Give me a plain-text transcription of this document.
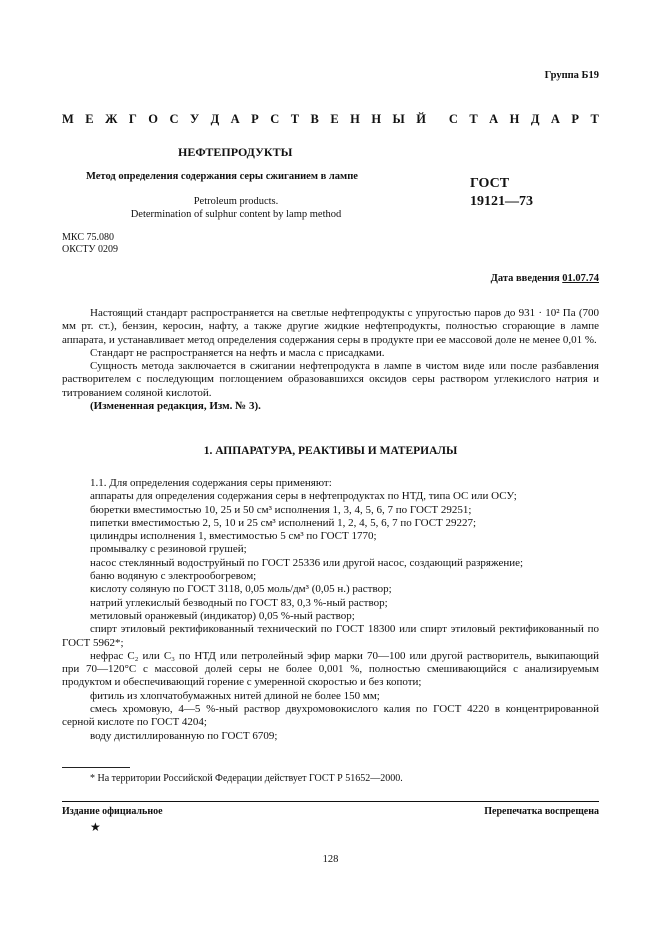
Группа Б19
М Е Ж Г О С У Д А Р С Т В Е Н Н Ы Й С Т А Н Д А Р Т
НЕФТЕПРОДУКТЫ
Метод определения содержания серы сжиганием в лампе	ГОСТ
19121—73
Petroleum products.
Determination of sulphur content by lamp method
МКС 75.080
ОКСТУ 0209
Дата введения 01.07.74

Настоящий стандарт распространяется на светлые нефтепродукты с упругостью паров до 931 · 10² Па (700 мм рт. ст.), бензин, керосин, нафту, а также другие жидкие нефтепродукты, полностью сгорающие в лампе аппарата, и устанавливает метод определения содержания серы в продукте при ее массовой доле не менее 0,01 %.

Стандарт не распространяется на нефть и масла с присадками.

Сущность метода заключается в сжигании нефтепродукта в лампе в чистом виде или после разбавления растворителем с последующим поглощением образовавшихся оксидов серы раствором углекислого натрия и титрованием соляной кислотой.

(Измененная редакция, Изм. № 3).

1. АППАРАТУРА, РЕАКТИВЫ И МАТЕРИАЛЫ

1.1. Для определения содержания серы применяют:

аппараты для определения содержания серы в нефтепродуктах по НТД, типа ОС или ОСУ;

бюретки вместимостью 10, 25 и 50 см³ исполнения 1, 3, 4, 5, 6, 7 по ГОСТ 29251;

пипетки вместимостью 2, 5, 10 и 25 см³ исполнений 1, 2, 4, 5, 6, 7 по ГОСТ 29227;

цилиндры исполнения 1, вместимостью 5 см³ по ГОСТ 1770;

промывалку с резиновой грушей;

насос стеклянный водоструйный по ГОСТ 25336 или другой насос, создающий разряжение;

баню водяную с электрообогревом;

кислоту соляную по ГОСТ 3118, 0,05 моль/дм³ (0,05 н.) раствор;

натрий углекислый безводный по ГОСТ 83, 0,3 %-ный раствор;

метиловый оранжевый (индикатор) 0,05 %-ный раствор;

спирт этиловый ректификованный технический по ГОСТ 18300 или спирт этиловый ректификованный по ГОСТ 5962*;

нефрас С₂ или С₃ по НТД или петролейный эфир марки 70—100 или другой растворитель, выкипающий при 70—120°С с массовой долей серы не более 0,001 %, полностью смешивающийся с анализируемым продуктом и обеспечивающий горение с умеренной скоростью и без копоти;

фитиль из хлопчатобумажных нитей длиной не более 150 мм;

смесь хромовую, 4—5 %-ный раствор двухромовокислого калия по ГОСТ 4220 в концентрированной серной кислоте по ГОСТ 4204;

воду дистиллированную по ГОСТ 6709;

* На территории Российской Федерации действует ГОСТ Р 51652—2000.
Издание официальное	Перепечатка воспрещена
★
128
